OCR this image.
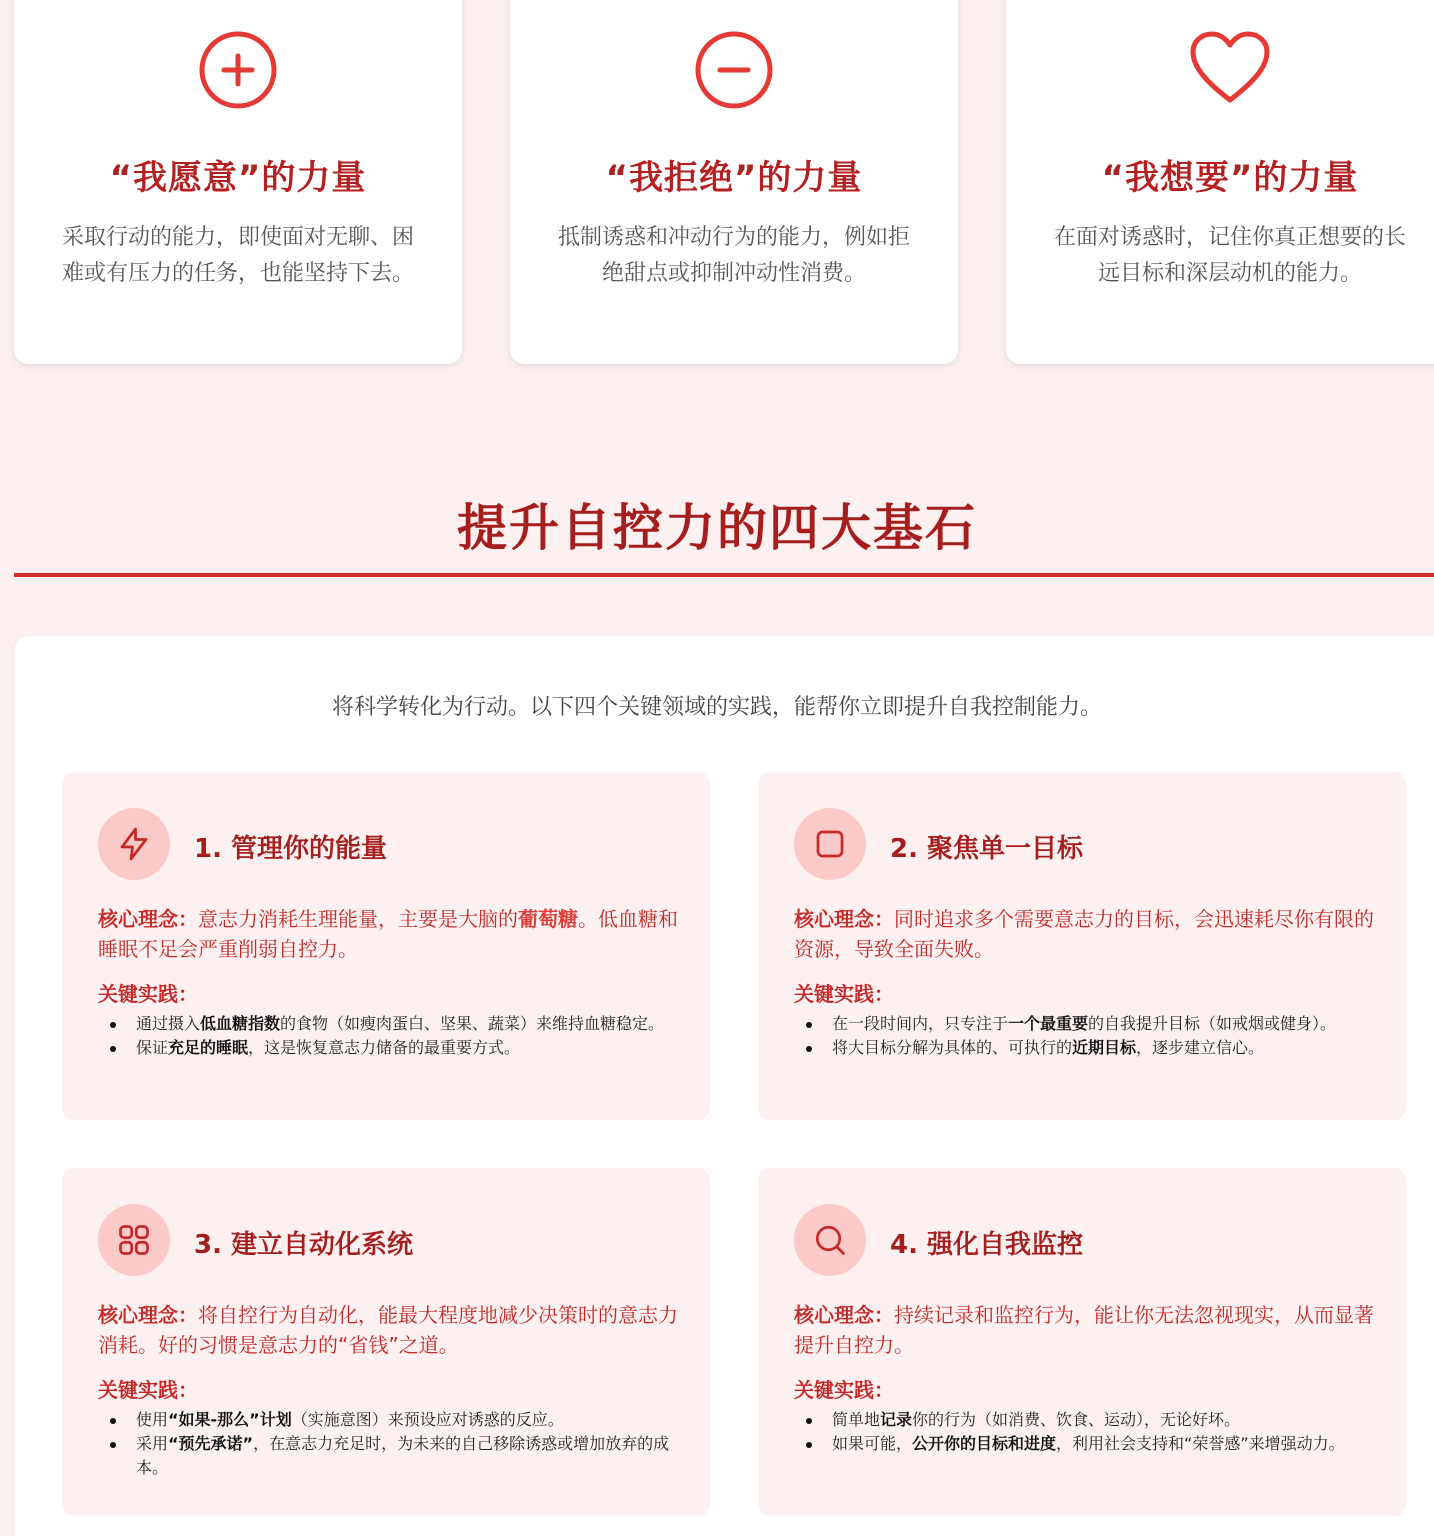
“我愿意”的力量

采取行动的能力，即使面对无聊、困难或有压力的任务，也能坚持下去。

“我拒绝”的力量

抵制诱惑和冲动行为的能力，例如拒绝甜点或抑制冲动性消费。

“我想要”的力量

在面对诱惑时，记住你真正想要的长远目标和深层动机的能力。

提升自控力的四大基石

将科学转化为行动。以下四个关键领域的实践，能帮你立即提升自我控制能力。

1. 管理你的能量
核心理念：意志力消耗生理能量，主要是大脑的葡萄糖。低血糖和睡眠不足会严重削弱自控力。
关键实践：
通过摄入低血糖指数的食物（如瘦肉蛋白、坚果、蔬菜）来维持血糖稳定。
保证充足的睡眠，这是恢复意志力储备的最重要方式。
2. 聚焦单一目标
核心理念：同时追求多个需要意志力的目标，会迅速耗尽你有限的资源，导致全面失败。
关键实践：
在一段时间内，只专注于一个最重要的自我提升目标（如戒烟或健身）。
将大目标分解为具体的、可执行的近期目标，逐步建立信心。
3. 建立自动化系统
核心理念：将自控行为自动化，能最大程度地减少决策时的意志力消耗。好的习惯是意志力的“省钱”之道。
关键实践：
使用“如果-那么”计划（实施意图）来预设应对诱惑的反应。
采用“预先承诺”，在意志力充足时，为未来的自己移除诱惑或增加放弃的成本。
4. 强化自我监控
核心理念：持续记录和监控行为，能让你无法忽视现实，从而显著提升自控力。
关键实践：
简单地记录你的行为（如消费、饮食、运动），无论好坏。
如果可能，公开你的目标和进度，利用社会支持和“荣誉感”来增强动力。
